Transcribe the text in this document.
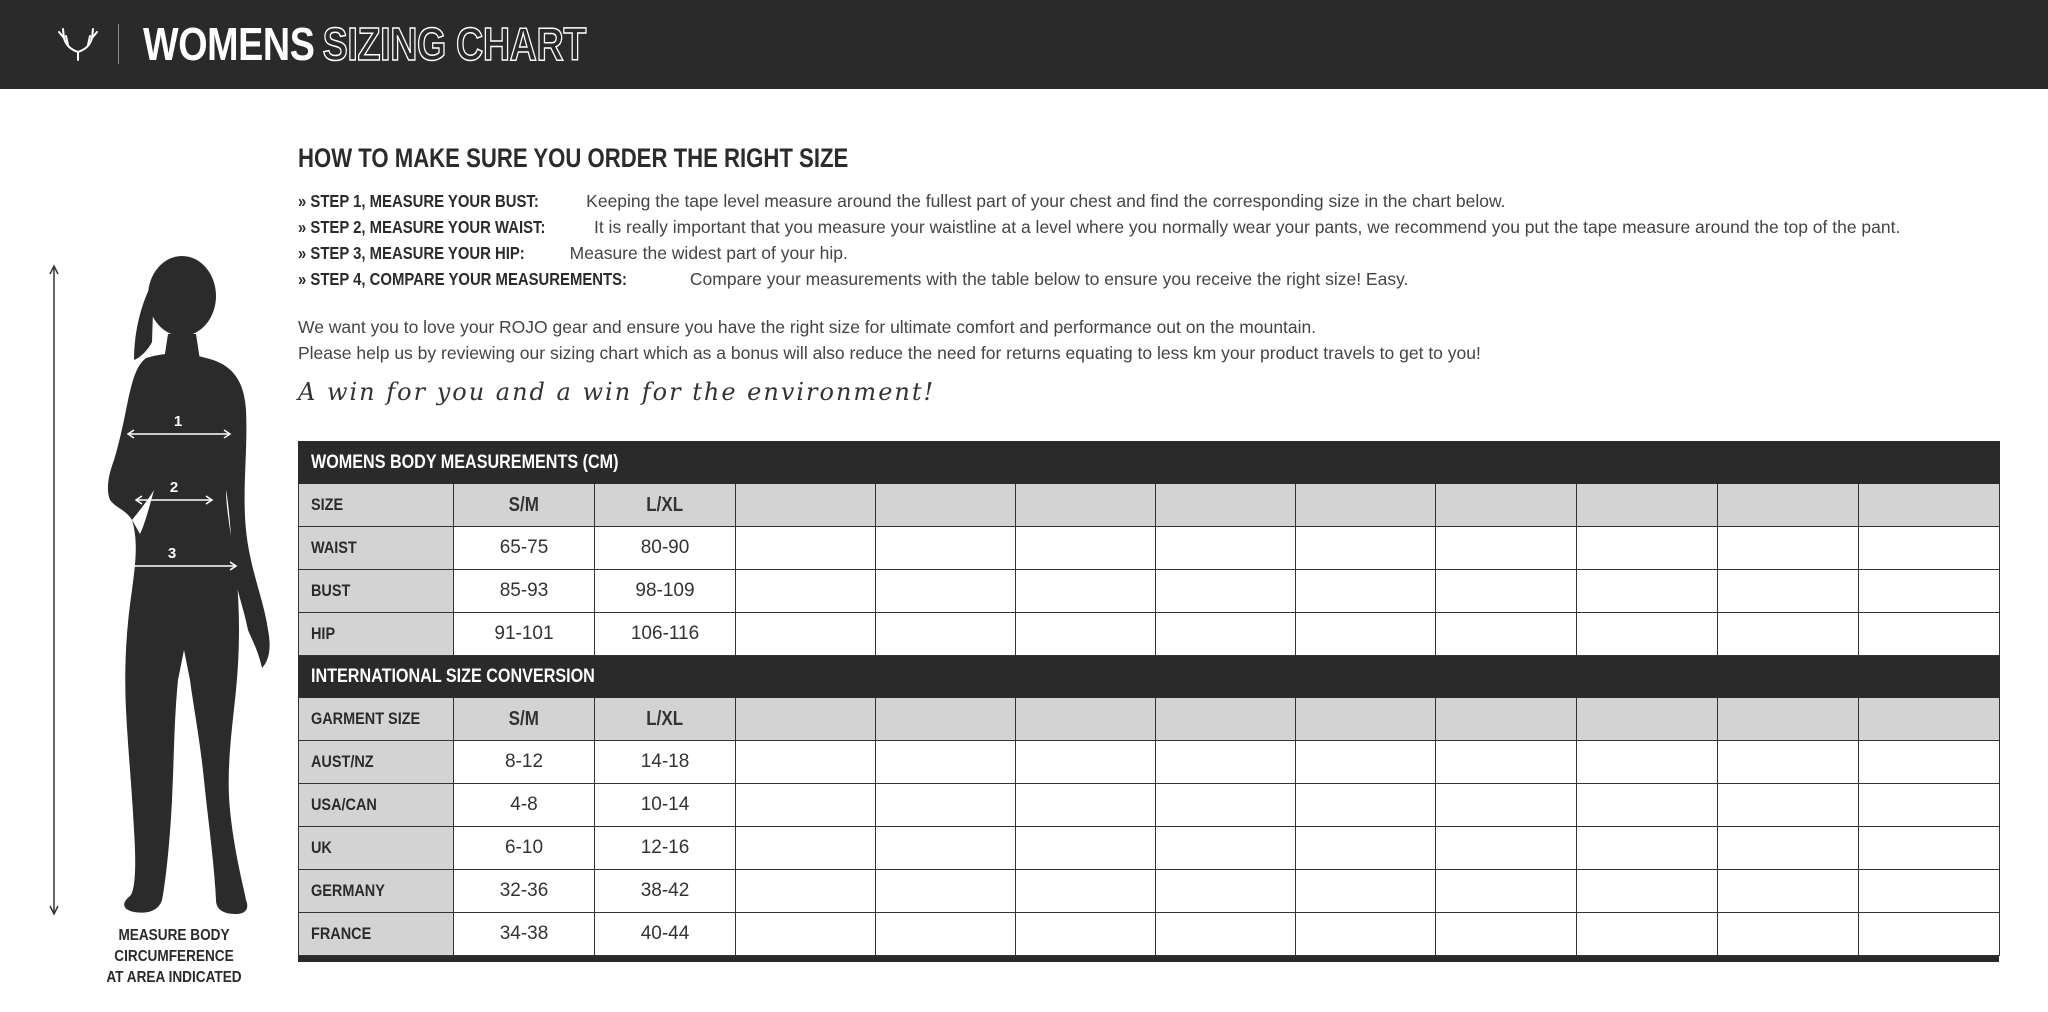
WOMENS SIZING CHART
1
2
3
MEASURE BODY CIRCUMFERENCE
AT AREA INDICATED
HOW TO MAKE SURE YOU ORDER THE RIGHT SIZE
» STEP 1, MEASURE YOUR BUST: Keeping the tape level measure around the fullest part of your chest and find the corresponding size in the chart below.
» STEP 2, MEASURE YOUR WAIST:	It is really important that you measure your waistline at a level where you normally wear your pants, we recommend you put the tape measure around the top of the pant.
» STEP 3, MEASURE YOUR HIP:	Measure the widest part of your hip.
» STEP 4, COMPARE YOUR MEASUREMENTS:	Compare your measurements with the table below to ensure you receive the right size! Easy.
We want you to love your ROJO gear and ensure you have the right size for ultimate comfort and performance out on the mountain.
Please help us by reviewing our sizing chart which as a bonus will also reduce the need for returns equating to less km your product travels to get to you!
A win for you and a win for the environment!
WOMENS BODY MEASUREMENTS (CM)											
SIZE	S/M	L/XL									
WAIST	65-75	80-90									
BUST	85-93	98-109									
HIP	91-101	106-116									
INTERNATIONAL SIZE CONVERSION											
GARMENT SIZE	S/M	L/XL									
AUST/NZ	8-12	14-18									
USA/CAN	4-8	10-14									
UK	6-10	12-16									
GERMANY	32-36	38-42									
FRANCE	34-38	40-44									
